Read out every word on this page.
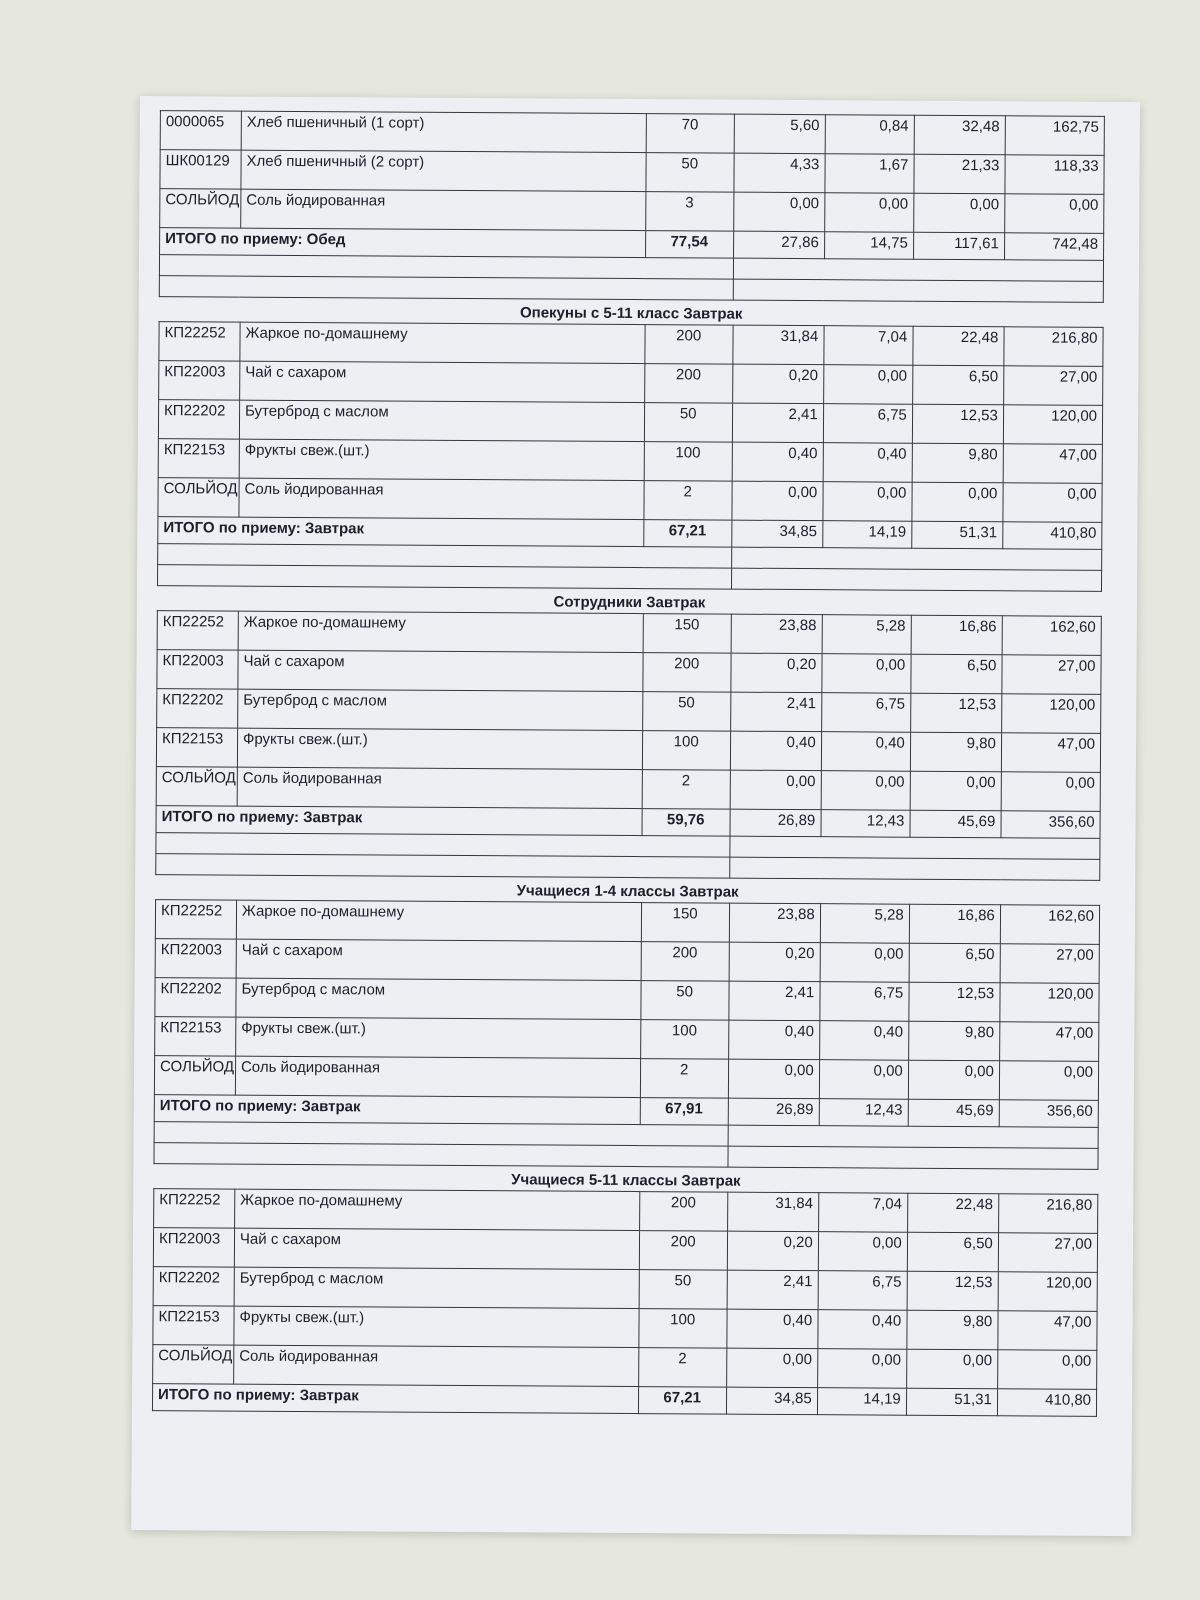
0000065	Хлеб пшеничный (1 сорт)	70	5,60	0,84	32,48	162,75
ШК00129	Хлеб пшеничный (2 сорт)	50	4,33	1,67	21,33	118,33
СОЛЬЙОД	Соль йодированная	3	0,00	0,00	0,00	0,00
ИТОГО по приему: Обед		77,54	27,86	14,75	117,61	742,48

Опекуны с 5-11 класс Завтрак
КП22252	Жаркое по-домашнему	200	31,84	7,04	22,48	216,80
КП22003	Чай с сахаром	200	0,20	0,00	6,50	27,00
КП22202	Бутерброд с маслом	50	2,41	6,75	12,53	120,00
КП22153	Фрукты свеж.(шт.)	100	0,40	0,40	9,80	47,00
СОЛЬЙОД	Соль йодированная	2	0,00	0,00	0,00	0,00
ИТОГО по приему: Завтрак		67,21	34,85	14,19	51,31	410,80

Сотрудники Завтрак
КП22252	Жаркое по-домашнему	150	23,88	5,28	16,86	162,60
КП22003	Чай с сахаром	200	0,20	0,00	6,50	27,00
КП22202	Бутерброд с маслом	50	2,41	6,75	12,53	120,00
КП22153	Фрукты свеж.(шт.)	100	0,40	0,40	9,80	47,00
СОЛЬЙОД	Соль йодированная	2	0,00	0,00	0,00	0,00
ИТОГО по приему: Завтрак		59,76	26,89	12,43	45,69	356,60

Учащиеся 1-4 классы Завтрак
КП22252	Жаркое по-домашнему	150	23,88	5,28	16,86	162,60
КП22003	Чай с сахаром	200	0,20	0,00	6,50	27,00
КП22202	Бутерброд с маслом	50	2,41	6,75	12,53	120,00
КП22153	Фрукты свеж.(шт.)	100	0,40	0,40	9,80	47,00
СОЛЬЙОД	Соль йодированная	2	0,00	0,00	0,00	0,00
ИТОГО по приему: Завтрак		67,91	26,89	12,43	45,69	356,60

Учащиеся 5-11 классы Завтрак
КП22252	Жаркое по-домашнему	200	31,84	7,04	22,48	216,80
КП22003	Чай с сахаром	200	0,20	0,00	6,50	27,00
КП22202	Бутерброд с маслом	50	2,41	6,75	12,53	120,00
КП22153	Фрукты свеж.(шт.)	100	0,40	0,40	9,80	47,00
СОЛЬЙОД	Соль йодированная	2	0,00	0,00	0,00	0,00
ИТОГО по приему: Завтрак		67,21	34,85	14,19	51,31	410,80
